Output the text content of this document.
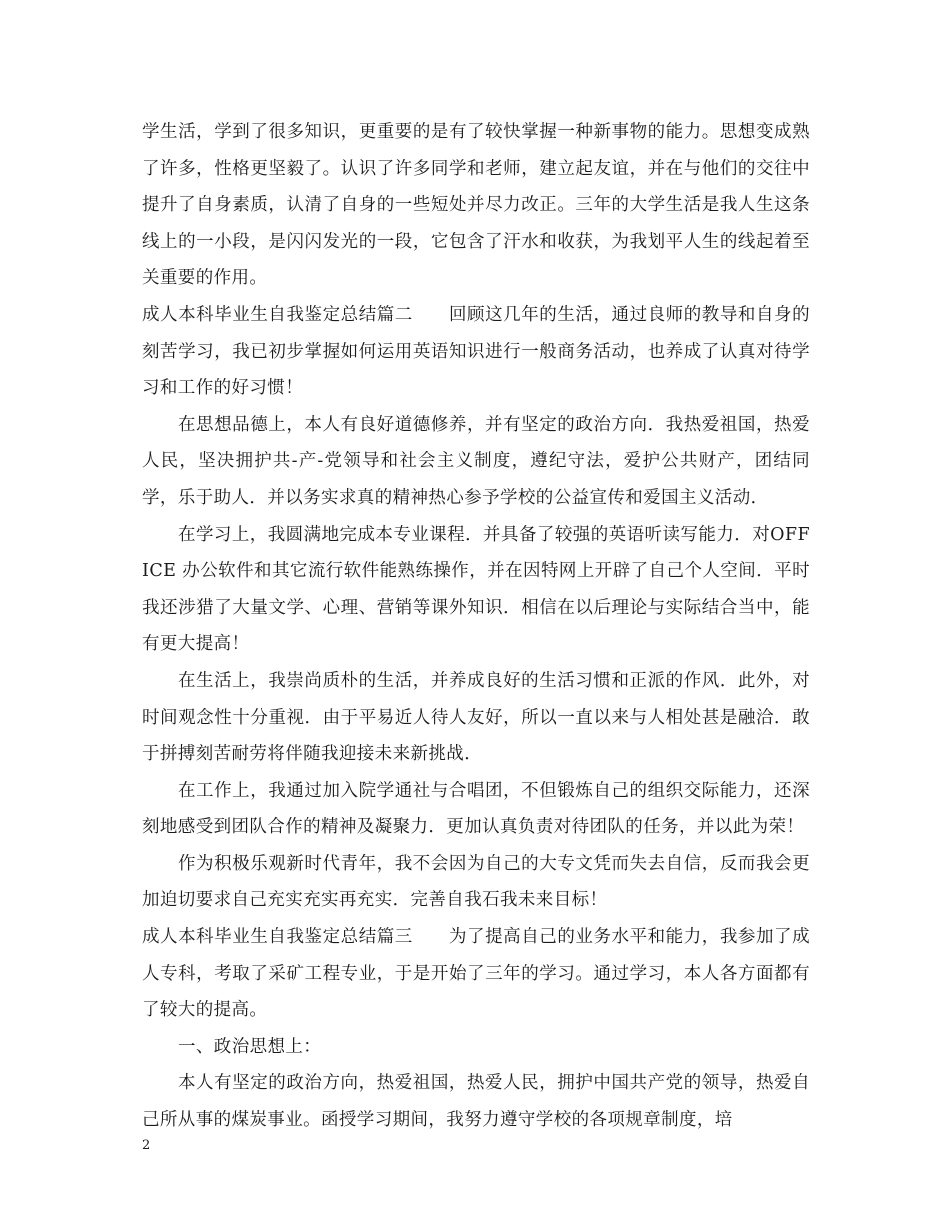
学生活，学到了很多知识，更重要的是有了较快掌握一种新事物的能力。思想变成熟了许多，性格更坚毅了。认识了许多同学和老师，建立起友谊，并在与他们的交往中提升了自身素质，认清了自身的一些短处并尽力改正。三年的大学生活是我人生这条线上的一小段，是闪闪发光的一段，它包含了汗水和收获，为我划平人生的线起着至关重要的作用。

成人本科毕业生自我鉴定总结篇二　　回顾这几年的生活，通过良师的教导和自身的刻苦学习，我已初步掌握如何运用英语知识进行一般商务活动，也养成了认真对待学习和工作的好习惯！

在思想品德上，本人有良好道德修养，并有坚定的政治方向．我热爱祖国，热爱人民，坚决拥护共-产-党领导和社会主义制度，遵纪守法，爱护公共财产，团结同学，乐于助人．并以务实求真的精神热心参予学校的公益宣传和爱国主义活动．

在学习上，我圆满地完成本专业课程．并具备了较强的英语听读写能力．对OFFICE 办公软件和其它流行软件能熟练操作，并在因特网上开辟了自己个人空间．平时我还涉猎了大量文学、心理、营销等课外知识．相信在以后理论与实际结合当中，能有更大提高！

在生活上，我崇尚质朴的生活，并养成良好的生活习惯和正派的作风．此外，对时间观念性十分重视．由于平易近人待人友好，所以一直以来与人相处甚是融洽．敢于拼搏刻苦耐劳将伴随我迎接未来新挑战．

在工作上，我通过加入院学通社与合唱团，不但锻炼自己的组织交际能力，还深刻地感受到团队合作的精神及凝聚力．更加认真负责对待团队的任务，并以此为荣！

作为积极乐观新时代青年，我不会因为自己的大专文凭而失去自信，反而我会更加迫切要求自己充实充实再充实．完善自我石我未来目标！

成人本科毕业生自我鉴定总结篇三　　为了提高自己的业务水平和能力，我参加了成人专科，考取了采矿工程专业，于是开始了三年的学习。通过学习，本人各方面都有了较大的提高。

一、政治思想上：

本人有坚定的政治方向，热爱祖国，热爱人民，拥护中国共产党的领导，热爱自己所从事的煤炭事业。函授学习期间，我努力遵守学校的各项规章制度，培

2
